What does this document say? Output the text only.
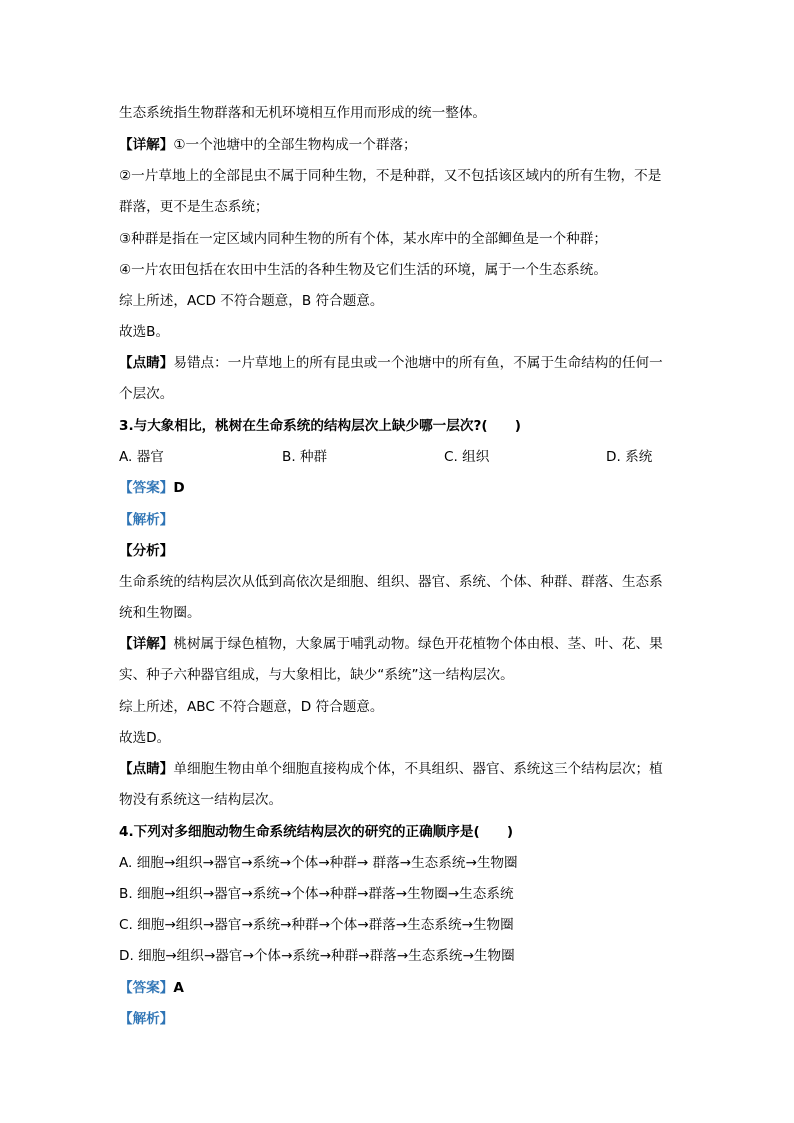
生态系统指生物群落和无机环境相互作用而形成的统一整体。
【详解】①一个池塘中的全部生物构成一个群落；
②一片草地上的全部昆虫不属于同种生物，不是种群，又不包括该区域内的所有生物，不是
群落，更不是生态系统；
③种群是指在一定区域内同种生物的所有个体，某水库中的全部鲫鱼是一个种群；
④一片农田包括在农田中生活的各种生物及它们生活的环境，属于一个生态系统。
综上所述，ACD 不符合题意，B 符合题意。
故选B。
【点睛】易错点：一片草地上的所有昆虫或一个池塘中的所有鱼，不属于生命结构的任何一
个层次。
3.与大象相比，桃树在生命系统的结构层次上缺少哪一层次?(　　)
A. 器官	B. 种群	C. 组织	D. 系统
【答案】D
【解析】
【分析】
生命系统的结构层次从低到高依次是细胞、组织、器官、系统、个体、种群、群落、生态系
统和生物圈。
【详解】桃树属于绿色植物，大象属于哺乳动物。绿色开花植物个体由根、茎、叶、花、果
实、种子六种器官组成，与大象相比，缺少“系统”这一结构层次。
综上所述，ABC 不符合题意，D 符合题意。
故选D。
【点睛】单细胞生物由单个细胞直接构成个体，不具组织、器官、系统这三个结构层次；植
物没有系统这一结构层次。
4.下列对多细胞动物生命系统结构层次的研究的正确顺序是(　　)
A. 细胞→组织→器官→系统→个体→种群→ 群落→生态系统→生物圈
B. 细胞→组织→器官→系统→个体→种群→群落→生物圈→生态系统
C. 细胞→组织→器官→系统→种群→个体→群落→生态系统→生物圈
D. 细胞→组织→器官→个体→系统→种群→群落→生态系统→生物圈
【答案】A
【解析】
